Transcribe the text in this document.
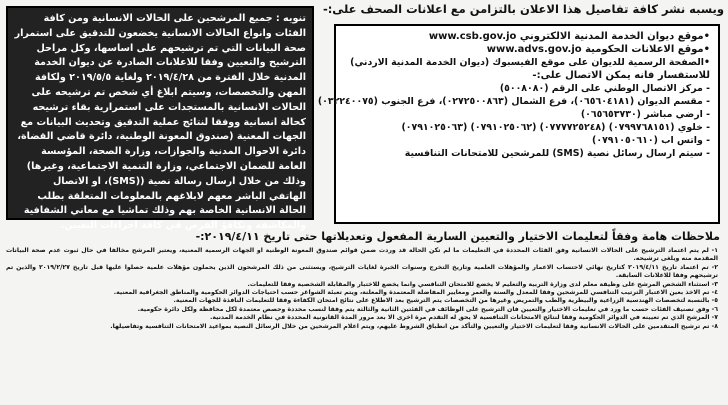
ويسبه نشر كافة تفاصيل هذا الاعلان بالتزامن مع اعلانات الصحف على:-

تنويه : جميع المرشحين على الحالات الانسانية ومن كافة الفئات وانواع الحالات الانسانية يخضعون للتدقيق على استمرار صحة البيانات التي تم ترشيحهم على اساسها، وكل مراحل الترشيح والتعيين وفقا للاعلانات الصادرة عن ديوان الخدمة المدنية خلال الفترة من ٢٠١٩/٤/٢٨ ولغاية ٢٠١٩/٥/٥ ولكافة المهن والتخصصات، وسيتم ابلاغ أي شخص تم ترشيحه على الحالات الانسانية بالمستجدات على استمرارية بقاء ترشيحه كحالة انسانية ووفقا لنتائج عملية التدقيق وتحديث البيانات مع الجهات المعنية (صندوق المعونة الوطنية، دائرة قاضي القضاة، دائرة الاحوال المدنية والجوازات، وزارة الصحة، المؤسسة العامة للضمان الاجتماعي، وزارة التنمية الاجتماعية، وغيرها) وذلك من خلال ارسال رسالة نصية ((SMS)، او الاتصال الهاتفي الباشر معهم لابلاغهم بالمعلومات المتعلقة بطلب الحالة الانسانية الخاصة بهم وذلك تماشيا مع معاني الشفافية والمكاشفة وتكافؤ الفرص في كافة اجراءات التعيين.

•موقع ديوان الخدمة المدنية الالكتروني www.csb.gov.jo
•موقع الاعلانات الحكومية www.advs.gov.jo
•الصفحة الرسمية للديوان على موقع الفيسبوك (ديوان الخدمة المدنية الاردني)
للاستفسار فانه يمكن الاتصال على:-
- مركز الاتصال الوطني على الرقم (٥٠٠٨٠٨٠)
- مقسم الديوان (٠٦٥٦٠٤١٨١)، فرع الشمال (٠٢٧٢٥٠٠٨٦٣)، فرع الجنوب (٠٣٢٢٤٠٠٧٥)
- ارضي مباشر (٠٦٥٦٥٣٧٣٠)
- خلوي (٠٧٩٩٧٦٨١٥١) (٠٧٧٧٧٢٥٢٤٨) (٠٧٩١٠٢٥٠٦٢) (٠٧٩١٠٢٥٠٦٣)
- واتس اب (٠٧٩١٠٥٠٦١٠)
- سيتم ارسال رسائل نصية (SMS) للمرشحين للامتحانات التنافسية
ملاحظات هامة وفقاً لتعليمات الاختيار والتعيين السارية المفعول وتعديلاتها حتى تاريخ ٢٠١٩/٤/١١:-

١- لم يتم اعتماد الترشيح على الحالات الانسانية وفق الفئات المحددة في التعليمات ما لم تكن الحالة قد وردت ضمن قوائم صندوق المعونة الوطنية او الجهات الرسمية المعنية، ويعتبر المرشح مخالفا في حال ثبوت عدم صحة البيانات المقدمة منه ويلغى ترشيحه.

٢- تم اعتماد تاريخ ٢٠١٩/٤/١١ كتاريخ نهائي لاحتساب الاعمار والمؤهلات العلمية وتاريخ التخرج وسنوات الخبرة لغايات الترشيح، ويستثنى من ذلك المرشحون الذين يحملون مؤهلات علمية حصلوا عليها قبل تاريخ ٢٠١٩/٢/٢٧ والذين تم ترشيحهم وفقا للاعلانات السابقة.

٣- استثناء الشخص المرشح على وظيفة معلم لدى وزارة التربية والتعليم لا يخضع للامتحان التنافسي وانما يخضع للاختبار والمقابلة الشخصية وفقا للتعليمات.

٤- تم الاخذ بعين الاعتبار الترتيب التنافسي للمرشحين وفقا للمعدل والسنة والعمر ومعايير المفاضلة المعتمدة والمعلنة، ويتم تعبئة الشواغر حسب احتياجات الدوائر الحكومية والمناطق الجغرافية المعنية.

٥- بالنسبة لتخصصات الهندسية الزراعية والبيطرية والطب والتمريض وغيرها من التخصصات يتم الترشيح بعد الاطلاع على نتائج امتحان الكفاءة وفقا للتعليمات النافذة للجهات المعنية.

٦- وفق تصنيف الفئات حسب ما ورد في تعليمات الاختيار والتعيين فان الترشيح على الوظائف في الفئتين الثانية والثالثة يتم وفقا لنسب محددة وحصص معتمدة لكل محافظة ولكل دائرة حكومية.

٧- المرشح الذي تم تعيينه في الدوائر الحكومية وفقا لنتائج الامتحانات التنافسية لا يحق له التقدم مرة اخرى الا بعد مرور المدة القانونية المحددة في نظام الخدمة المدنية.

٨- تم ترشيح المتقدمين على الحالات الانسانية وفقا لتعليمات الاختيار والتعيين والتأكد من انطباق الشروط عليهم، ويتم اعلام المرشحين من خلال الرسائل النصية بمواعيد الامتحانات التنافسية وتفاصيلها.
